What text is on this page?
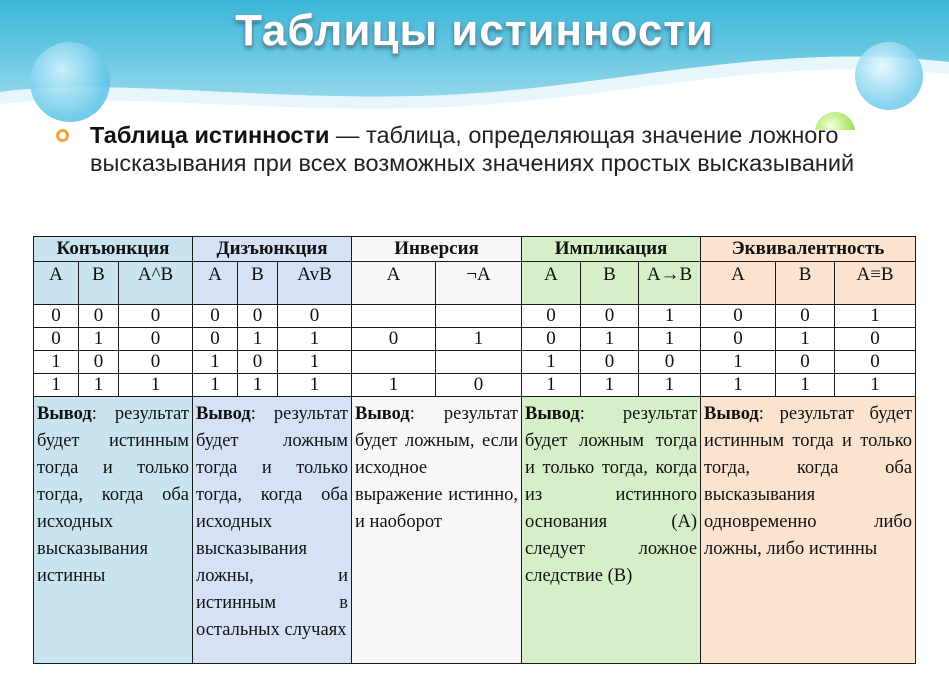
Таблицы истинности
Таблица истинности — таблица, определяющая значение ложного высказывания при всех возможных значениях простых высказываний
Конъюнкция			Дизъюнкция			Инверсия		Импликация			Эквивалентность		
A	B	A^B	A	B	AvB	A	¬A	A	B	A→B	A	B	A≡B
0	0	0	0	0	0			0	0	1	0	0	1
0	1	0	0	1	1	0	1	0	1	1	0	1	0
1	0	0	1	0	1			1	0	0	1	0	0
1	1	1	1	1	1	1	0	1	1	1	1	1	1
Вывод: результат будет истинным тогда и только тогда, когда оба исходных высказывания истинны			Вывод: результат будет ложным тогда и только тогда, когда оба исходных высказывания ложны, и истинным в остальных случаях			Вывод: результат будет ложным, если исходное выражение истинно, и наоборот		Вывод: результат будет ложным тогда и только тогда, когда из истинного основания (A) следует ложное следствие (B)			Вывод: результат будет истинным тогда и только тогда, когда оба высказывания одновременно либо ложны, либо истинны		
